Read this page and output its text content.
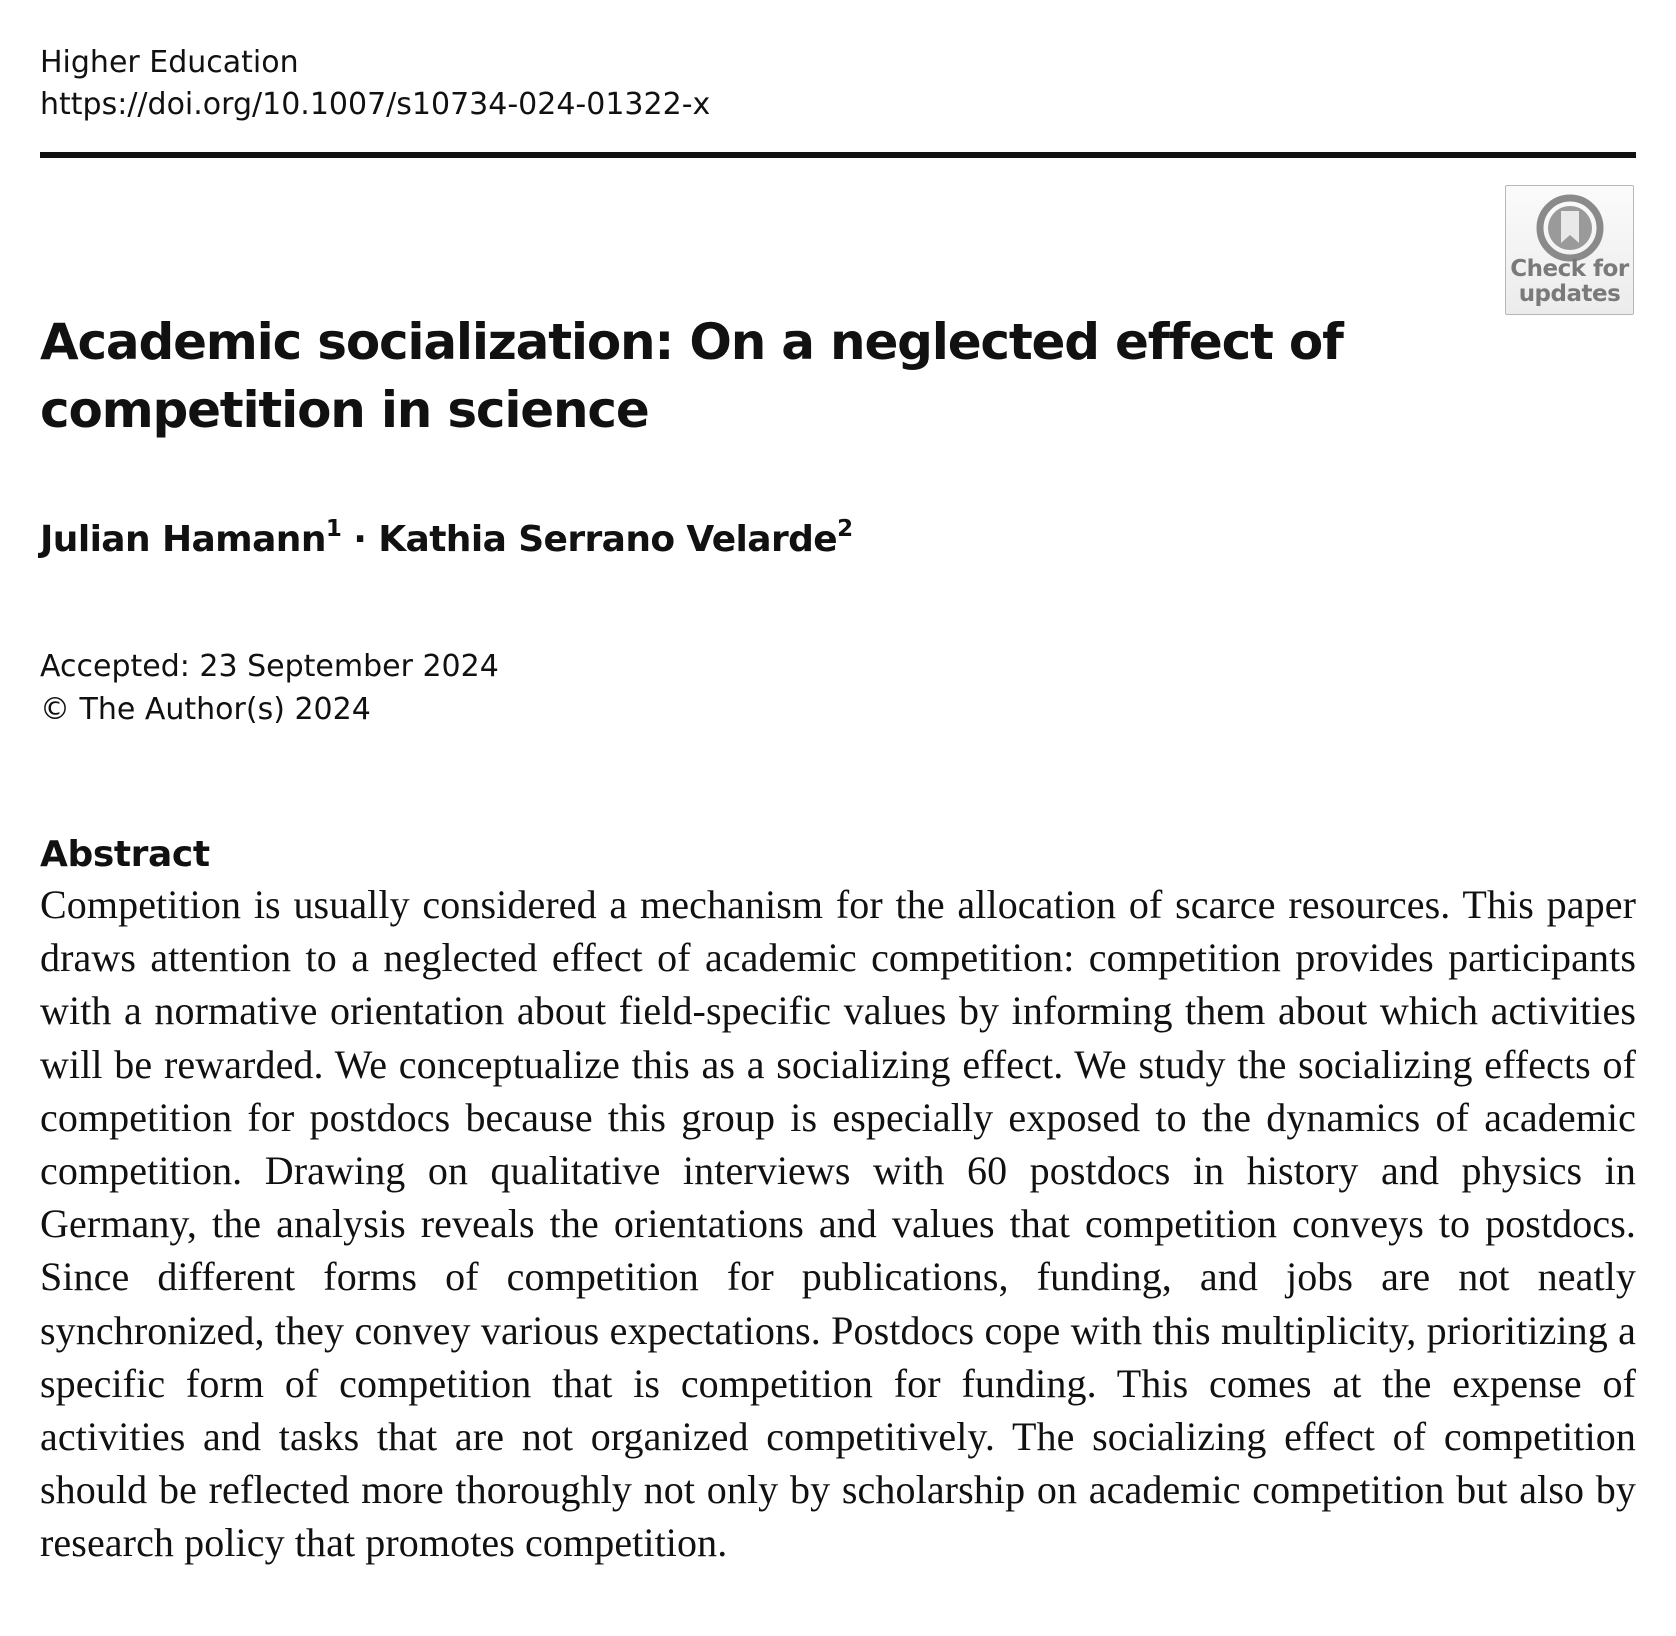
Higher Education
https://doi.org/10.1007/s10734-024-01322-x
Check for
updates
Academic socialization: On a neglected effect of competition in science
Julian Hamann$^1$ · Kathia Serrano Velarde$^2$
Accepted: 23 September 2024
© The Author(s) 2024
Abstract

Competition is usually considered a mechanism for the allocation of scarce resources. This paper draws attention to a neglected effect of academic competition: competition provides participants with a normative orientation about field-specific values by informing them about which activities will be rewarded. We conceptualize this as a socializing effect. We study the socializing effects of competition for postdocs because this group is especially exposed to the dynamics of academic competition. Drawing on qualitative interviews with 60 postdocs in history and physics in Germany, the analysis reveals the orientations and values that competition conveys to postdocs. Since different forms of competition for publications, funding, and jobs are not neatly synchronized, they convey various expectations. Postdocs cope with this multiplicity, prioritizing a specific form of competition that is competition for funding. This comes at the expense of activities and tasks that are not organized competitively. The socializing effect of competition should be reflected more thoroughly not only by scholarship on academic competition but also by research policy that promotes competition.
